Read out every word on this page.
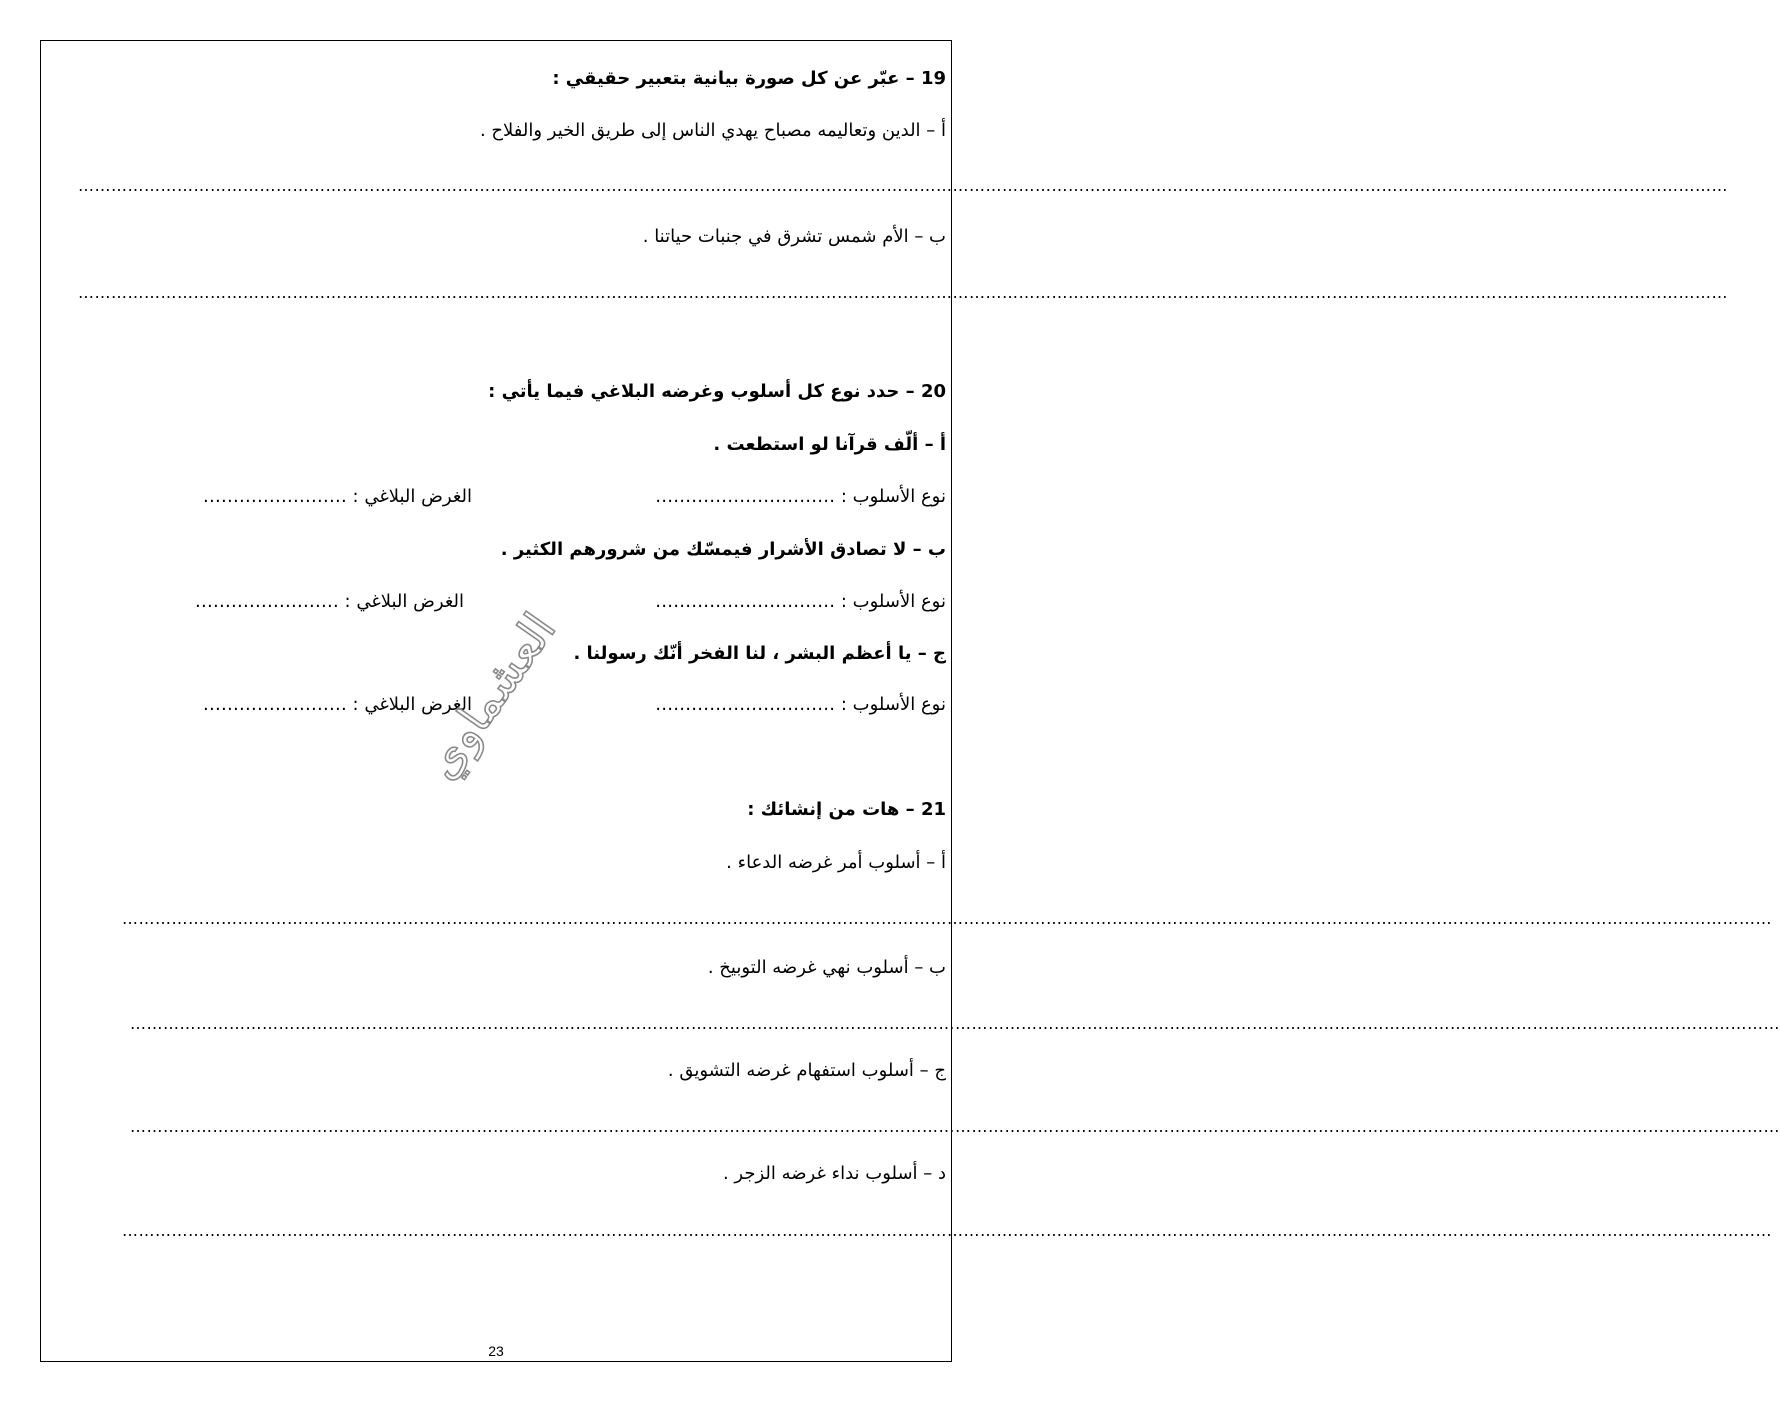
19 – عبّر عن كل صورة بيانية بتعبير حقيقي :
أ – الدين وتعاليمه مصباح يهدي الناس إلى طريق الخير والفلاح .
…………………………………………………………………………………………………………………………………………………………………………………………………………………………………………………………………………
ب – الأم شمس تشرق في جنبات حياتنا .
…………………………………………………………………………………………………………………………………………………………………………………………………………………………………………………………………………
20 – حدد نوع كل أسلوب وغرضه البلاغي فيما يأتي :
أ – ألّف قرآنا لو استطعت .
نوع الأسلوب : …………………………
الغرض البلاغي : ……………………
ب – لا تصادق الأشرار فيمسّك من شرورهم الكثير .
نوع الأسلوب : …………………………
الغرض البلاغي : ……………………
ج – يا أعظم البشر ، لنا الفخر أنّك رسولنا .
نوع الأسلوب : …………………………
الغرض البلاغي : ……………………
العشماوي
21 – هات من إنشائك :
أ – أسلوب أمر غرضه الدعاء .
…………………………………………………………………………………………………………………………………………………………………………………………………………………………………………………………………………
ب – أسلوب نهي غرضه التوبيخ .
…………………………………………………………………………………………………………………………………………………………………………………………………………………………………………………………………………
ج – أسلوب استفهام غرضه التشويق .
…………………………………………………………………………………………………………………………………………………………………………………………………………………………………………………………………………
د – أسلوب نداء غرضه الزجر .
…………………………………………………………………………………………………………………………………………………………………………………………………………………………………………………………………………
23
